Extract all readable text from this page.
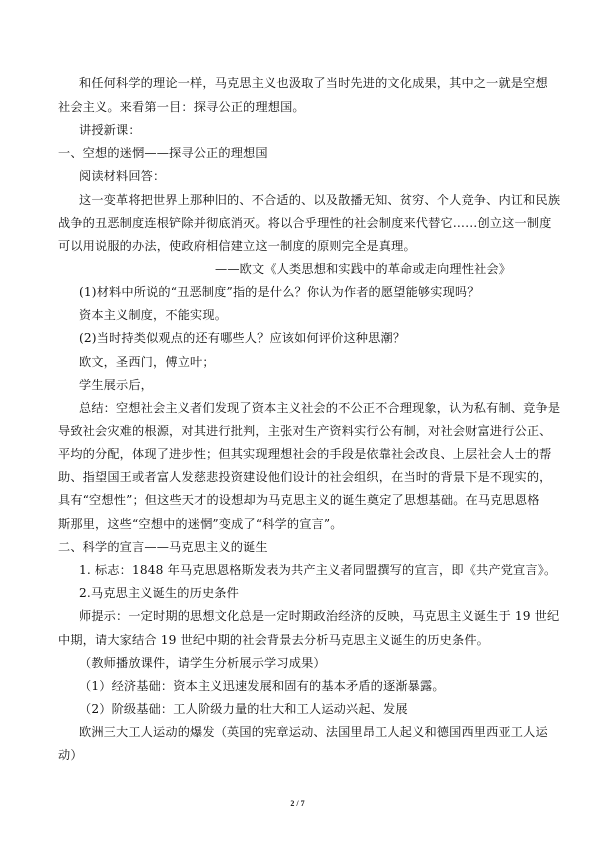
和任何科学的理论一样，马克思主义也汲取了当时先进的文化成果，其中之一就是空想
社会主义。来看第一目：探寻公正的理想国。
讲授新课：
一、空想的迷惘——探寻公正的理想国
阅读材料回答：
这一变革将把世界上那种旧的、不合适的、以及散播无知、贫穷、个人竞争、内讧和民族
战争的丑恶制度连根铲除并彻底消灭。将以合乎理性的社会制度来代替它……创立这一制度
可以用说服的办法，使政府相信建立这一制度的原则完全是真理。
——欧文《人类思想和实践中的革命或走向理性社会》
(1)材料中所说的“丑恶制度”指的是什么？你认为作者的愿望能够实现吗？
资本主义制度，不能实现。
(2)当时持类似观点的还有哪些人？应该如何评价这种思潮？
欧文，圣西门，傅立叶；
学生展示后，
总结：空想社会主义者们发现了资本主义社会的不公正不合理现象，认为私有制、竞争是
导致社会灾难的根源，对其进行批判，主张对生产资料实行公有制，对社会财富进行公正、
平均的分配，体现了进步性；但其实现理想社会的手段是依靠社会改良、上层社会人士的帮
助、指望国王或者富人发慈悲投资建设他们设计的社会组织，在当时的背景下是不现实的，
具有“空想性”；但这些天才的设想却为马克思主义的诞生奠定了思想基础。在马克思恩格
斯那里，这些“空想中的迷惘”变成了“科学的宣言”。
二、科学的宣言——马克思主义的诞生
1. 标志：1848 年马克思恩格斯发表为共产主义者同盟撰写的宣言，即《共产党宣言》。
2.马克思主义诞生的历史条件
师提示：一定时期的思想文化总是一定时期政治经济的反映，马克思主义诞生于 19 世纪
中期，请大家结合 19 世纪中期的社会背景去分析马克思主义诞生的历史条件。
（教师播放课件，请学生分析展示学习成果）
（1）经济基础：资本主义迅速发展和固有的基本矛盾的逐渐暴露。
（2）阶级基础：工人阶级力量的壮大和工人运动兴起、发展
欧洲三大工人运动的爆发（英国的宪章运动、法国里昂工人起义和德国西里西亚工人运
动）
2 / 7
